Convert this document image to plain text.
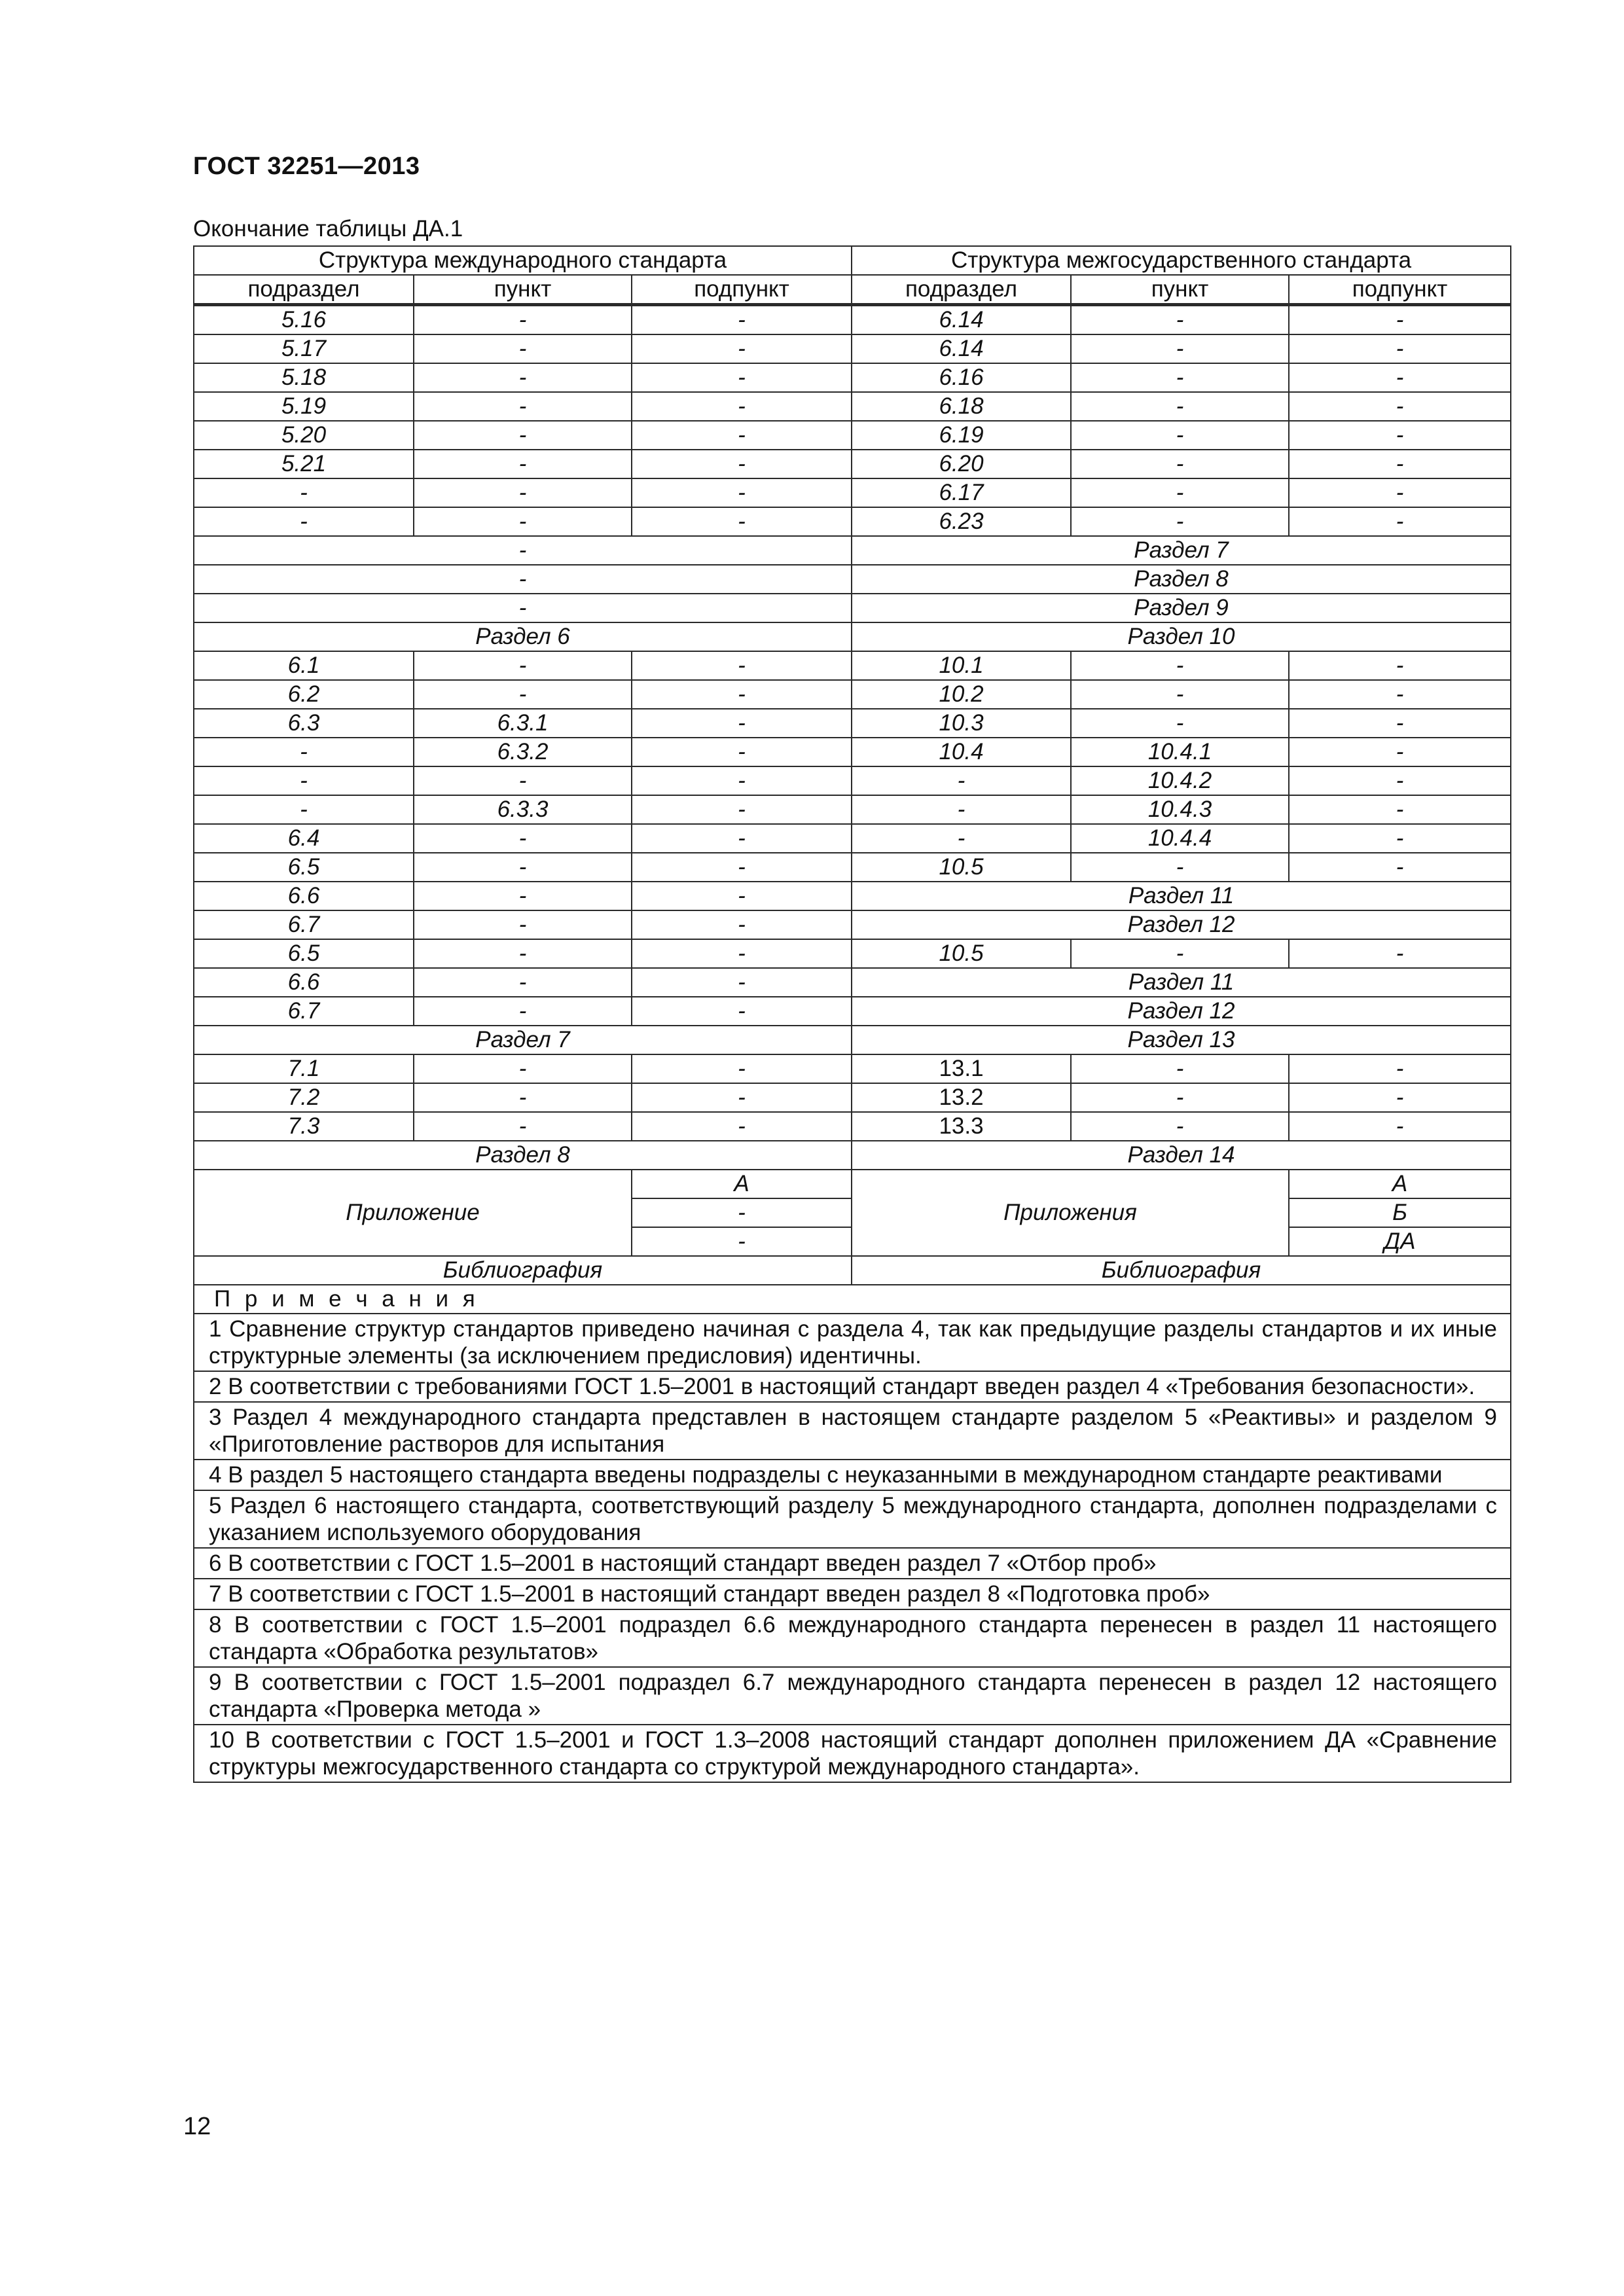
ГОСТ 32251—2013
Окончание таблицы ДА.1
Структура международного стандарта			Структура межгосударственного стандарта		
подраздел	пункт	подпункт	подраздел	пункт	подпункт
5.16	-	-	6.14	-	-
5.17	-	-	6.14	-	-
5.18	-	-	6.16	-	-
5.19	-	-	6.18	-	-
5.20	-	-	6.19	-	-
5.21	-	-	6.20	-	-
-	-	-	6.17	-	-
-	-	-	6.23	-	-
-			Раздел 7		
-			Раздел 8		
-			Раздел 9		
Раздел 6			Раздел 10		
6.1	-	-	10.1	-	-
6.2	-	-	10.2	-	-
6.3	6.3.1	-	10.3	-	-
-	6.3.2	-	10.4	10.4.1	-
-	-	-	-	10.4.2	-
-	6.3.3	-	-	10.4.3	-
6.4	-	-	-	10.4.4	-
6.5	-	-	10.5	-	-
6.6	-	-	Раздел 11		
6.7	-	-	Раздел 12		
6.5	-	-	10.5	-	-
6.6	-	-	Раздел 11		
6.7	-	-	Раздел 12		
Раздел 7			Раздел 13		
7.1	-	-	13.1	-	-
7.2	-	-	13.2	-	-
7.3	-	-	13.3	-	-
Раздел 8			Раздел 14		
Приложение		А	Приложения		А
		-			Б
		-			ДА
Библиография			Библиография		
П р и м е ч а н и я					
1 Сравнение структур стандартов приведено начиная с раздела 4, так как предыдущие разделы стандартов и их иные структурные элементы (за исключением предисловия) идентичны.					
2 В соответствии с требованиями ГОСТ 1.5–2001 в настоящий стандарт введен раздел 4 «Требования безопасности».					
3 Раздел 4 международного стандарта представлен в настоящем стандарте разделом 5 «Реактивы» и разделом 9 «Приготовление растворов для испытания					
4 В раздел 5 настоящего стандарта введены подразделы с неуказанными в международном стандарте реактивами					
5 Раздел 6 настоящего стандарта, соответствующий разделу 5 международного стандарта, дополнен подразделами с указанием используемого оборудования					
6 В соответствии с ГОСТ 1.5–2001 в настоящий стандарт введен раздел 7 «Отбор проб»					
7 В соответствии с ГОСТ 1.5–2001 в настоящий стандарт введен раздел 8 «Подготовка проб»					
8 В соответствии с ГОСТ 1.5–2001 подраздел 6.6 международного стандарта перенесен в раздел 11 настоящего стандарта «Обработка результатов»					
9 В соответствии с ГОСТ 1.5–2001 подраздел 6.7 международного стандарта перенесен в раздел 12 настоящего стандарта «Проверка метода »					
10 В соответствии с ГОСТ 1.5–2001 и ГОСТ 1.3–2008 настоящий стандарт дополнен приложением ДА «Сравнение структуры межгосударственного стандарта со структурой международного стандарта».					
12
